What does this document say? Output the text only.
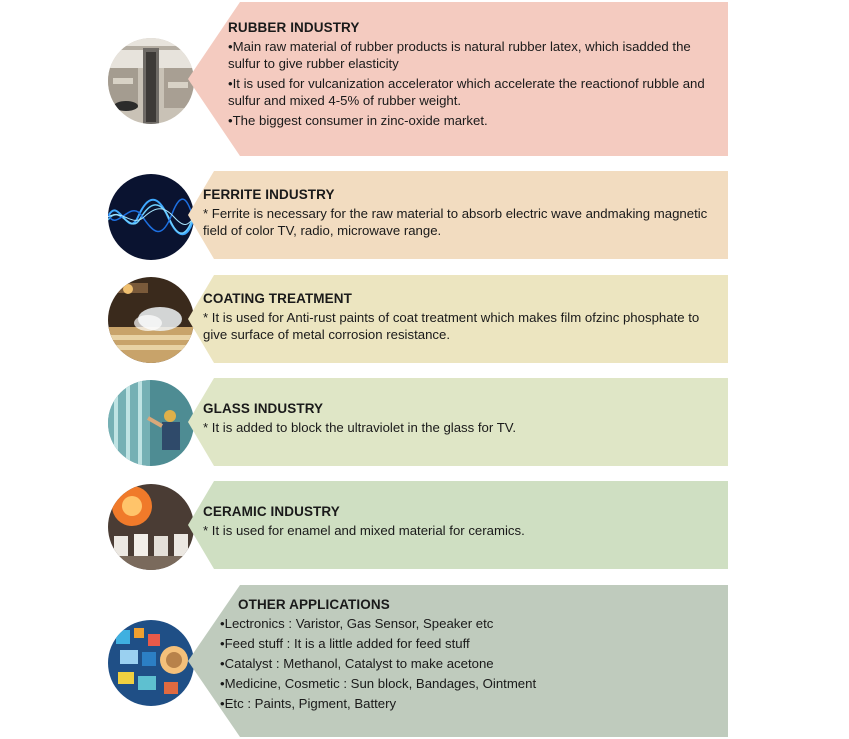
RUBBER INDUSTRY
•Main raw material of rubber products is natural rubber latex, which isadded the sulfur to give rubber elasticity
•It is used for vulcanization accelerator which accelerate the reactionof rubble and sulfur and mixed 4-5% of rubber weight.
•The biggest consumer in zinc-oxide market.
FERRITE INDUSTRY
* Ferrite is necessary for the raw material to absorb electric wave andmaking magnetic field of color TV, radio, microwave range.
COATING TREATMENT
* It is used for Anti-rust paints of coat treatment which makes film ofzinc phosphate to give surface of metal corrosion resistance.
GLASS INDUSTRY
* It is added to block the ultraviolet in the glass for TV.
CERAMIC INDUSTRY
* It is used for enamel and mixed material for ceramics.
OTHER APPLICATIONS
•Lectronics : Varistor, Gas Sensor, Speaker etc
•Feed stuff : It is a little added for feed stuff
•Catalyst : Methanol, Catalyst to make acetone
•Medicine, Cosmetic : Sun block, Bandages, Ointment
•Etc : Paints, Pigment, Battery
